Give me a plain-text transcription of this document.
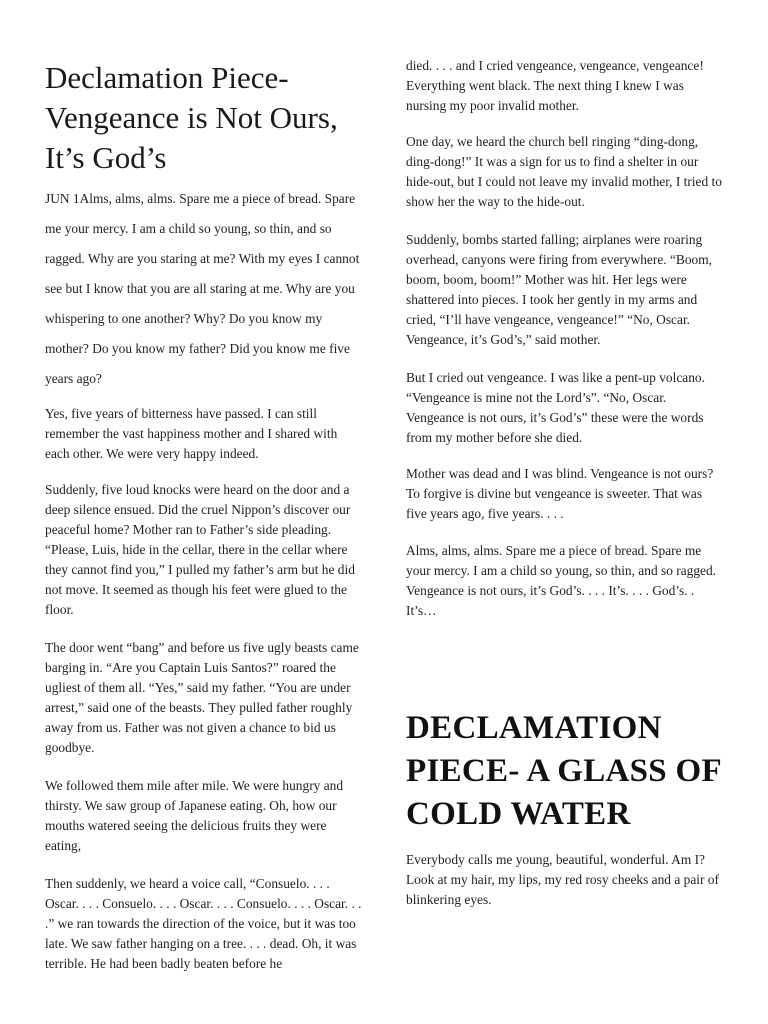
Declamation Piece- Vengeance is Not Ours, It’s God’s

JUN 1Alms, alms, alms. Spare me a piece of bread. Spare me your mercy. I am a child so young, so thin, and so ragged. Why are you staring at me? With my eyes I cannot see but I know that you are all staring at me. Why are you whispering to one another? Why? Do you know my mother? Do you know my father? Did you know me five years ago?

Yes, five years of bitterness have passed. I can still remember the vast happiness mother and I shared with each other. We were very happy indeed.

Suddenly, five loud knocks were heard on the door and a deep silence ensued. Did the cruel Nippon’s discover our peaceful home? Mother ran to Father’s side pleading. “Please, Luis, hide in the cellar, there in the cellar where they cannot find you,” I pulled my father’s arm but he did not move. It seemed as though his feet were glued to the floor.

The door went “bang” and before us five ugly beasts came barging in. “Are you Captain Luis Santos?” roared the ugliest of them all. “Yes,” said my father. “You are under arrest,” said one of the beasts. They pulled father roughly away from us. Father was not given a chance to bid us goodbye.

We followed them mile after mile. We were hungry and thirsty. We saw group of Japanese eating. Oh, how our mouths watered seeing the delicious fruits they were eating,

Then suddenly, we heard a voice call, “Consuelo. . . . Oscar. . . . Consuelo. . . . Oscar. . . . Consuelo. . . . Oscar. . . .” we ran towards the direction of the voice, but it was too late. We saw father hanging on a tree. . . . dead. Oh, it was terrible. He had been badly beaten before he

died. . . . and I cried vengeance, vengeance, vengeance! Everything went black. The next thing I knew I was nursing my poor invalid mother.

One day, we heard the church bell ringing “ding-dong, ding-dong!” It was a sign for us to find a shelter in our hide-out, but I could not leave my invalid mother, I tried to show her the way to the hide-out.

Suddenly, bombs started falling; airplanes were roaring overhead, canyons were firing from everywhere. “Boom, boom, boom, boom!” Mother was hit. Her legs were shattered into pieces. I took her gently in my arms and cried, “I’ll have vengeance, vengeance!” “No, Oscar. Vengeance, it’s God’s,” said mother.

But I cried out vengeance. I was like a pent-up volcano. “Vengeance is mine not the Lord’s”. “No, Oscar. Vengeance is not ours, it’s God’s” these were the words from my mother before she died.

Mother was dead and I was blind. Vengeance is not ours? To forgive is divine but vengeance is sweeter. That was five years ago, five years. . . .

Alms, alms, alms. Spare me a piece of bread. Spare me your mercy. I am a child so young, so thin, and so ragged. Vengeance is not ours, it’s God’s. . . . It’s. . . . God’s. . It’s…

DECLAMATION PIECE- A GLASS OF COLD WATER

Everybody calls me young, beautiful, wonderful. Am I? Look at my hair, my lips, my red rosy cheeks and a pair of blinkering eyes.
